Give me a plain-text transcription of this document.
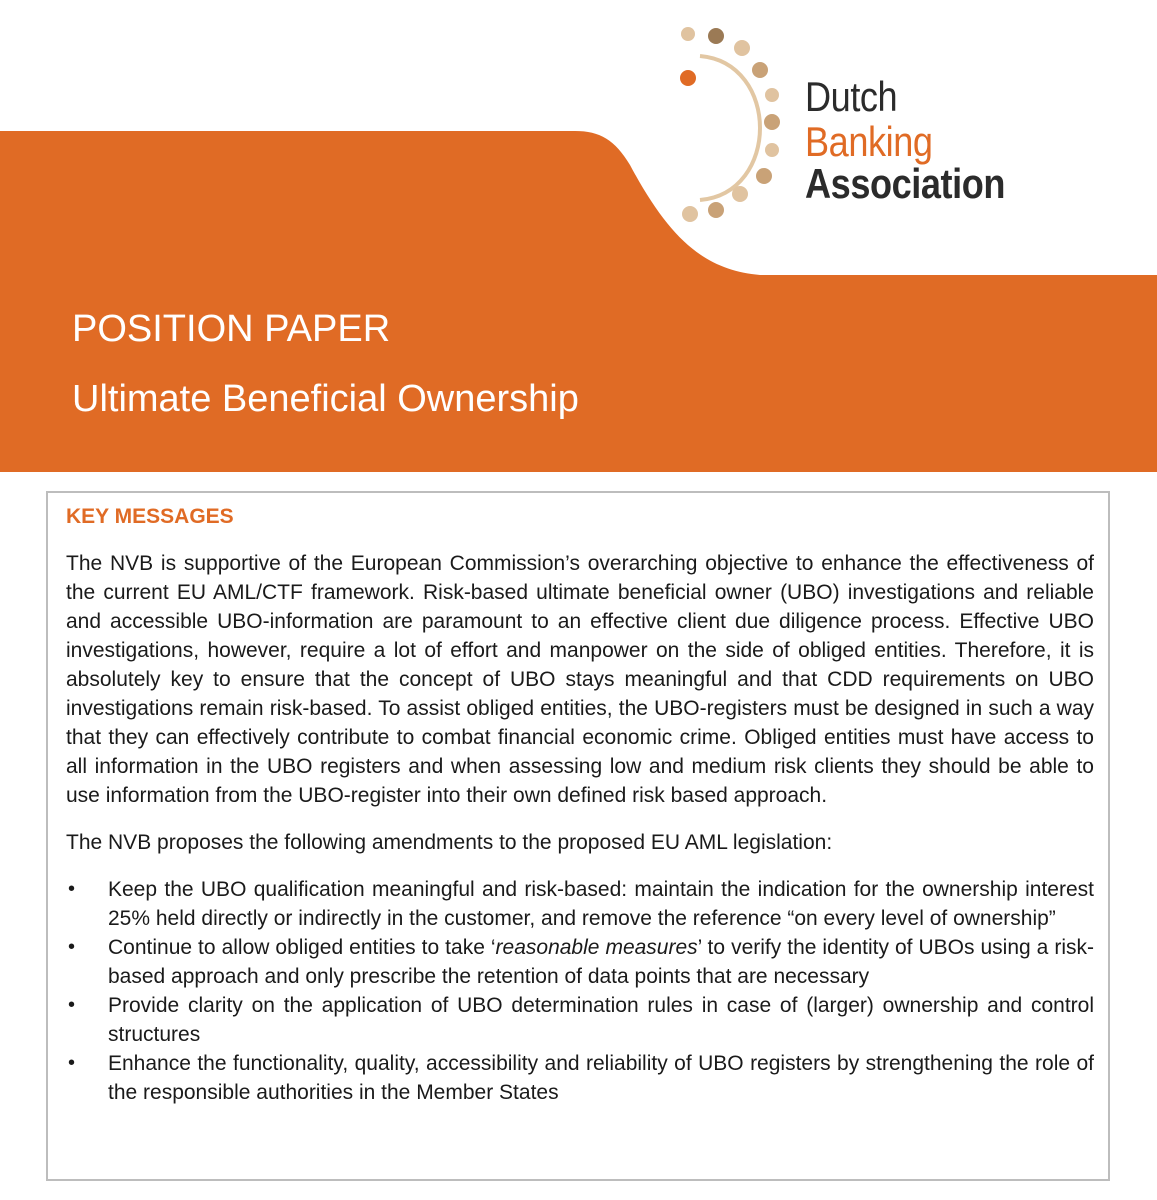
Dutch
Banking Association
POSITION PAPER
Ultimate Beneficial Ownership
KEY MESSAGES

The NVB is supportive of the European Commission’s overarching objective to enhance the effectiveness of the current EU AML/CTF framework. Risk-based ultimate beneficial owner (UBO) investigations and reliable and accessible UBO-information are paramount to an effective client due diligence process. Effective UBO investigations, however, require a lot of effort and manpower on the side of obliged entities. Therefore, it is absolutely key to ensure that the concept of UBO stays meaningful and that CDD requirements on UBO investigations remain risk-based. To assist obliged entities, the UBO-registers must be designed in such a way that they can effectively contribute to combat financial economic crime. Obliged entities must have access to all information in the UBO registers and when assessing low and medium risk clients they should be able to use information from the UBO-register into their own defined risk based approach.

The NVB proposes the following amendments to the proposed EU AML legislation:

• Keep the UBO qualification meaningful and risk-based: maintain the indication for the ownership interest 25% held directly or indirectly in the customer, and remove the reference “on every level of ownership”
• Continue to allow obliged entities to take ‘reasonable measures’ to verify the identity of UBOs using a risk-based approach and only prescribe the retention of data points that are necessary
• Provide clarity on the application of UBO determination rules in case of (larger) ownership and control structures
• Enhance the functionality, quality, accessibility and reliability of UBO registers by strengthening the role of the responsible authorities in the Member States
